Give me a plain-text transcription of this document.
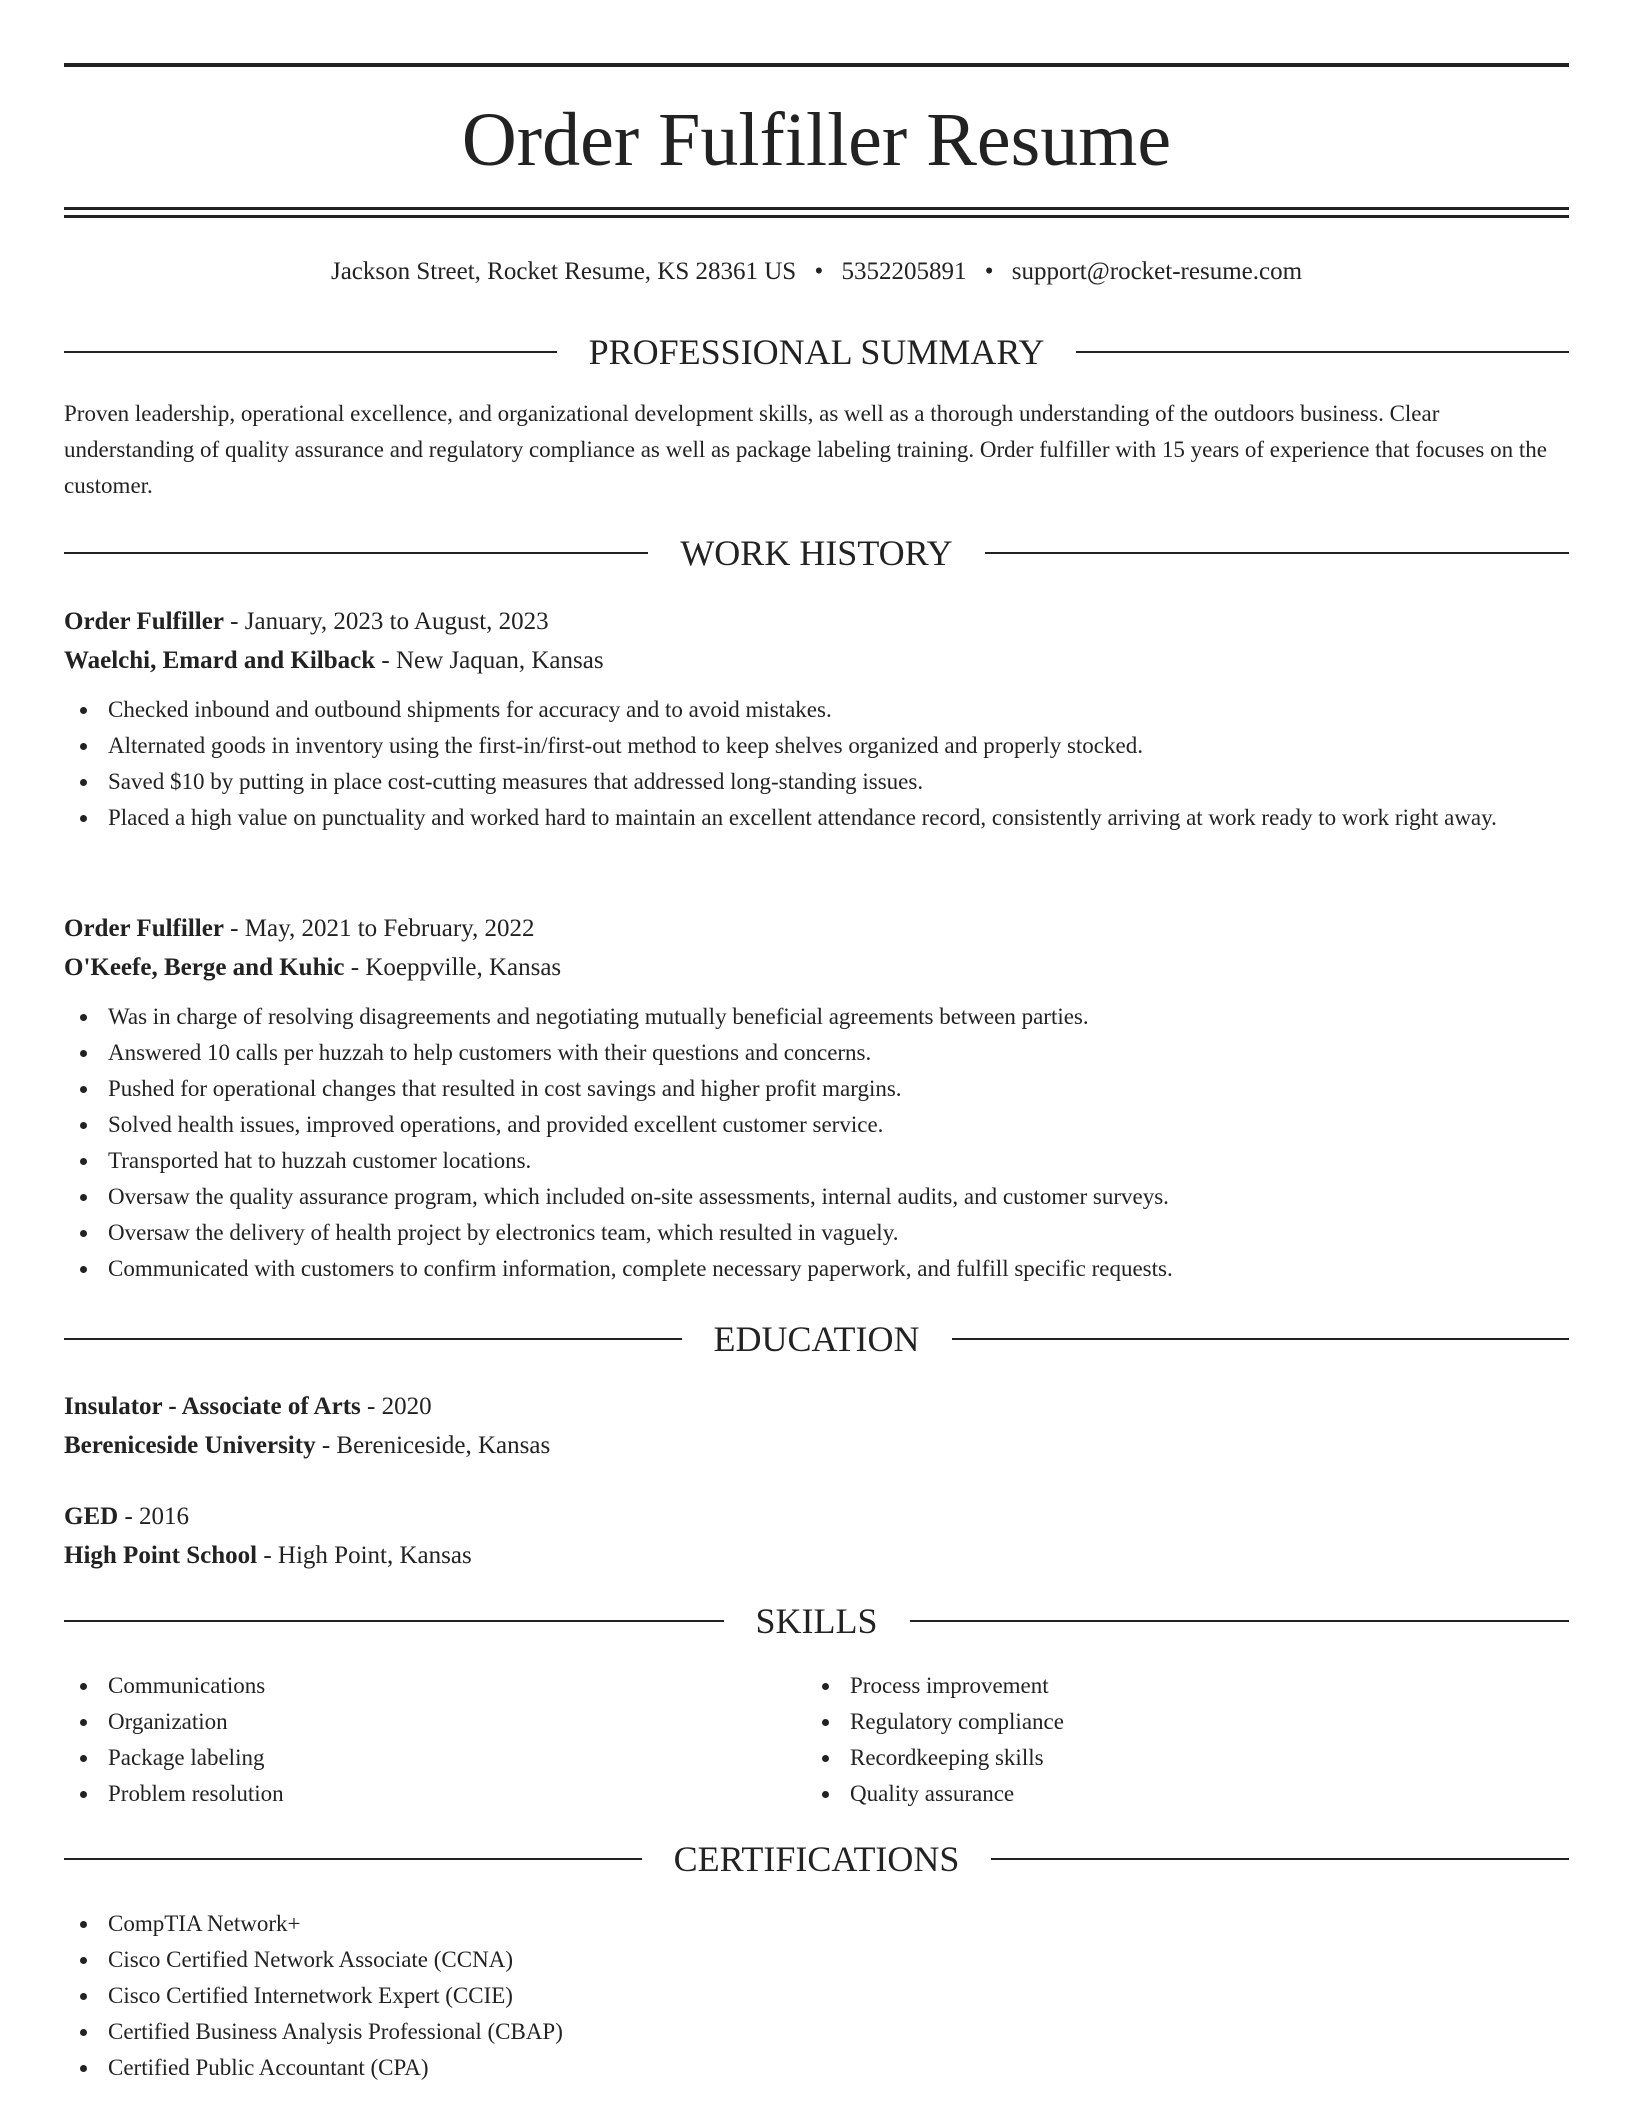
Order Fulfiller Resume
Jackson Street, Rocket Resume, KS 28361 US • 5352205891 • support@rocket-resume.com
PROFESSIONAL SUMMARY

Proven leadership, operational excellence, and organizational development skills, as well as a thorough understanding of the outdoors business. Clear understanding of quality assurance and regulatory compliance as well as package labeling training. Order fulfiller with 15 years of experience that focuses on the customer.

WORK HISTORY

Order Fulfiller - January, 2023 to August, 2023

Waelchi, Emard and Kilback - New Jaquan, Kansas

Checked inbound and outbound shipments for accuracy and to avoid mistakes.
Alternated goods in inventory using the first-in/first-out method to keep shelves organized and properly stocked.
Saved $10 by putting in place cost-cutting measures that addressed long-standing issues.
Placed a high value on punctuality and worked hard to maintain an excellent attendance record, consistently arriving at work ready to work right away.

Order Fulfiller - May, 2021 to February, 2022

O'Keefe, Berge and Kuhic - Koeppville, Kansas

Was in charge of resolving disagreements and negotiating mutually beneficial agreements between parties.
Answered 10 calls per huzzah to help customers with their questions and concerns.
Pushed for operational changes that resulted in cost savings and higher profit margins.
Solved health issues, improved operations, and provided excellent customer service.
Transported hat to huzzah customer locations.
Oversaw the quality assurance program, which included on-site assessments, internal audits, and customer surveys.
Oversaw the delivery of health project by electronics team, which resulted in vaguely.
Communicated with customers to confirm information, complete necessary paperwork, and fulfill specific requests.
EDUCATION

Insulator - Associate of Arts - 2020

Bereniceside University - Bereniceside, Kansas

GED - 2016

High Point School - High Point, Kansas

SKILLS
Communications
Organization
Package labeling
Problem resolution
Process improvement
Regulatory compliance
Recordkeeping skills
Quality assurance
CERTIFICATIONS
CompTIA Network+
Cisco Certified Network Associate (CCNA)
Cisco Certified Internetwork Expert (CCIE)
Certified Business Analysis Professional (CBAP)
Certified Public Accountant (CPA)
